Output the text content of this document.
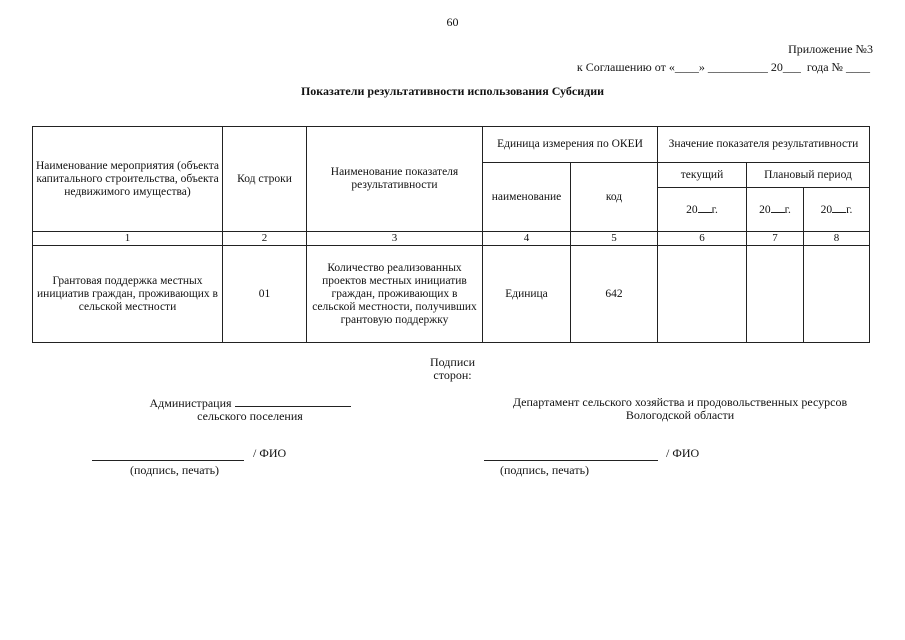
60
Приложение №3
к Соглашению от «____» __________ 20___  года № ____
Показатели результативности использования Субсидии
Наименование мероприятия (объекта капитального строительства, объекта недвижимого имущества)	Код строки	Наименование показателя результативности	Единица измерения по ОКЕИ		Значение показателя результативности		
			наименование	код	текущий	Плановый период	
					20 г.	20 г.	20 г.
1	2	3	4	5	6	7	8
Грантовая поддержка местных инициатив граждан, проживающих в сельской местности	01	Количество реализованных проектов местных инициатив граждан, проживающих в сельской местности, получивших грантовую поддержку	Единица	642			
Подписи
сторон:
Администрация
сельского поселения
Департамент сельского хозяйства и продовольственных ресурсов
Вологодской области
/ ФИО
(подпись, печать)
/ ФИО
(подпись, печать)
